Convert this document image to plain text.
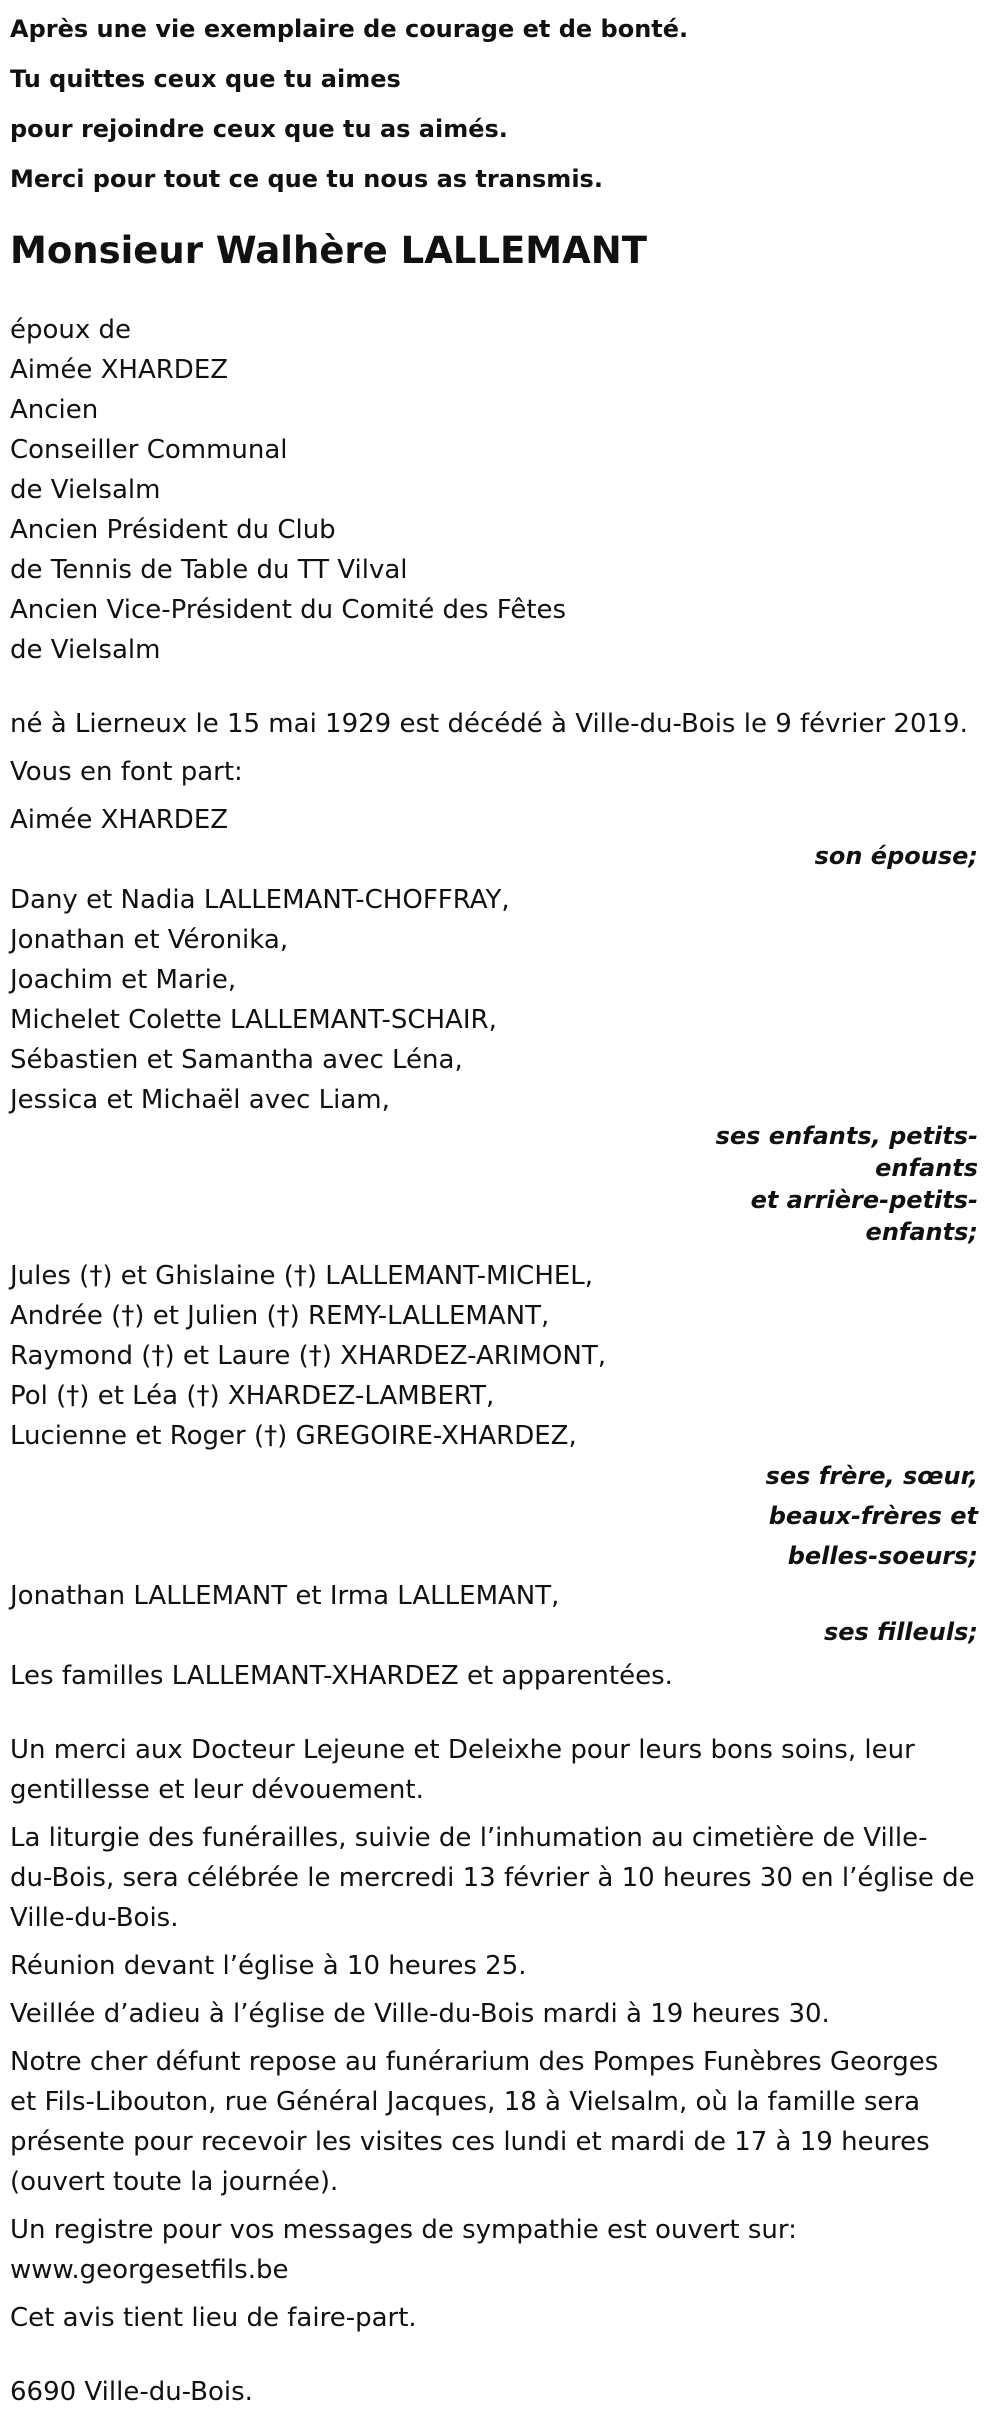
Après une vie exemplaire de courage et de bonté.
Tu quittes ceux que tu aimes
pour rejoindre ceux que tu as aimés.
Merci pour tout ce que tu nous as transmis.
Monsieur Walhère LALLEMANT
époux de
Aimée XHARDEZ
Ancien
Conseiller Communal
de Vielsalm
Ancien Président du Club
de Tennis de Table du TT Vilval
Ancien Vice-Président du Comité des Fêtes
de Vielsalm
né à Lierneux le 15 mai 1929 est décédé à Ville-du-Bois le 9 février 2019.
Vous en font part:
Aimée XHARDEZ
son épouse;
Dany et Nadia LALLEMANT-CHOFFRAY,
Jonathan et Véronika,
Joachim et Marie,
Michelet Colette LALLEMANT-SCHAIR,
Sébastien et Samantha avec Léna,
Jessica et Michaël avec Liam,
ses enfants, petits-
enfants
et arrière-petits-
enfants;
Jules (†) et Ghislaine (†) LALLEMANT-MICHEL,
Andrée (†) et Julien (†) REMY-LALLEMANT,
Raymond (†) et Laure (†) XHARDEZ-ARIMONT,
Pol (†) et Léa (†) XHARDEZ-LAMBERT,
Lucienne et Roger (†) GREGOIRE-XHARDEZ,
ses frère, sœur,
beaux-frères et
belles-soeurs;
Jonathan LALLEMANT et Irma LALLEMANT,
ses filleuls;
Les familles LALLEMANT-XHARDEZ et apparentées.
Un merci aux Docteur Lejeune et Deleixhe pour leurs bons soins, leur
gentillesse et leur dévouement.
La liturgie des funérailles, suivie de l’inhumation au cimetière de Ville-
du-Bois, sera célébrée le mercredi 13 février à 10 heures 30 en l’église de
Ville-du-Bois.
Réunion devant l’église à 10 heures 25.
Veillée d’adieu à l’église de Ville-du-Bois mardi à 19 heures 30.
Notre cher défunt repose au funérarium des Pompes Funèbres Georges
et Fils-Libouton, rue Général Jacques, 18 à Vielsalm, où la famille sera
présente pour recevoir les visites ces lundi et mardi de 17 à 19 heures
(ouvert toute la journée).
Un registre pour vos messages de sympathie est ouvert sur:
www.georgesetfils.be
Cet avis tient lieu de faire-part.
6690 Ville-du-Bois.
